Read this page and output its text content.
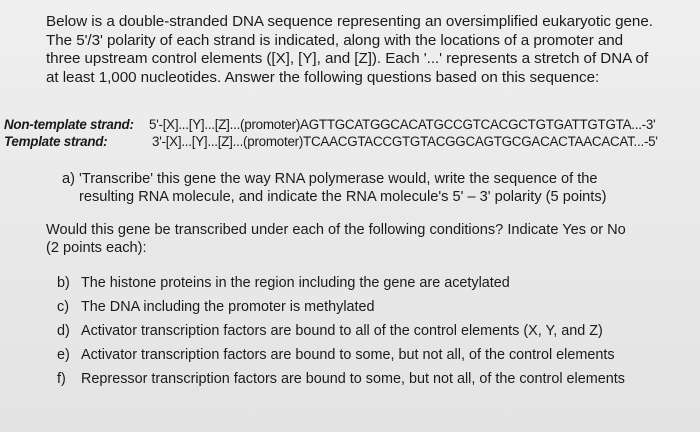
Below is a double-stranded DNA sequence representing an oversimplified eukaryotic gene.

The 5'/3' polarity of each strand is indicated, along with the locations of a promoter and

three upstream control elements ([X], [Y], and [Z]). Each '...' represents a stretch of DNA of

at least 1,000 nucleotides. Answer the following questions based on this sequence:

Non-template strand: 5'-[X]...[Y]...[Z]...(promoter)AGTTGCATGGCACATGCCGTCACGCTGTGATTGTGTA...-3'
Template strand:	3'-[X]...[Y]...[Z]...(promoter)TCAACGTACCGTGTACGGCAGTGCGACACTAACACAT...-5'

a) 'Transcribe' this gene the way RNA polymerase would, write the sequence of the

resulting RNA molecule, and indicate the RNA molecule's 5' – 3' polarity (5 points)

Would this gene be transcribed under each of the following conditions? Indicate Yes or No

(2 points each):

b) The histone proteins in the region including the gene are acetylated
c) The DNA including the promoter is methylated
d) Activator transcription factors are bound to all of the control elements (X, Y, and Z)
e) Activator transcription factors are bound to some, but not all, of the control elements
f) Repressor transcription factors are bound to some, but not all, of the control elements
